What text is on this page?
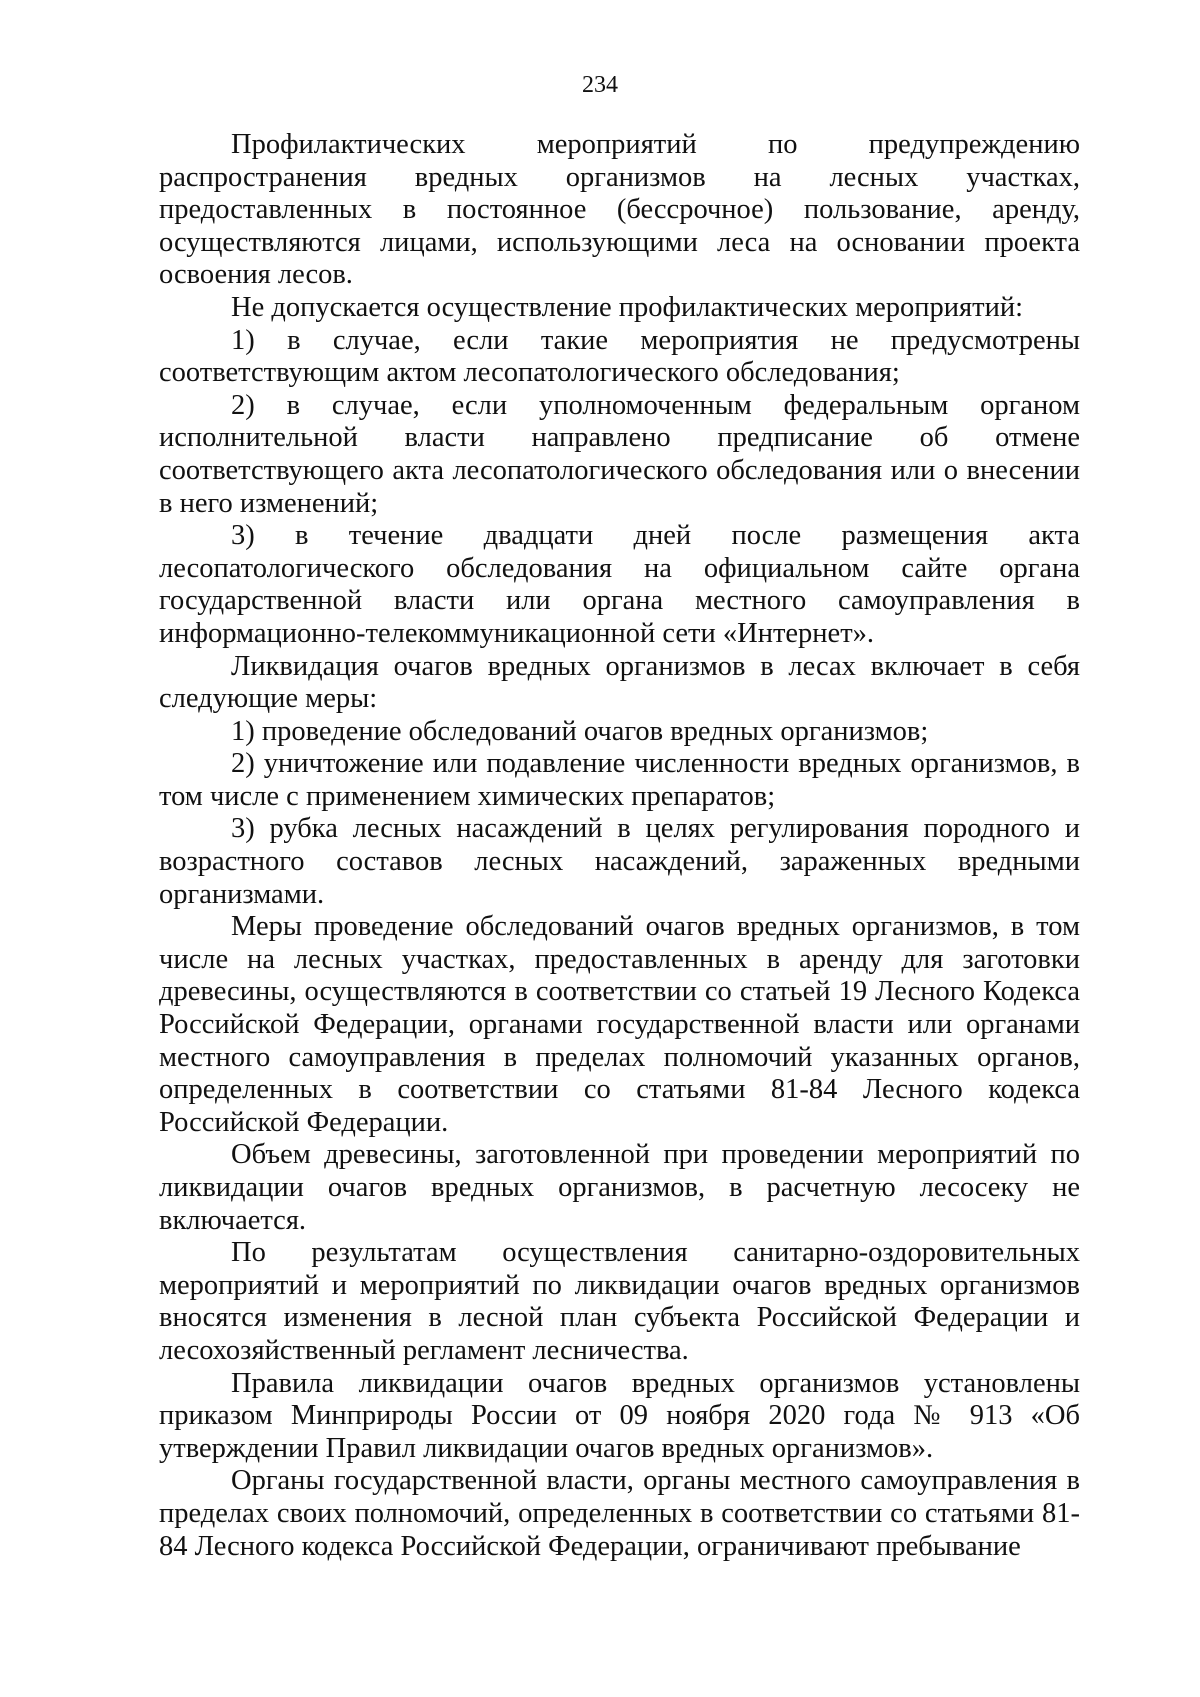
234

Профилактических мероприятий по предупреждению распространения вредных организмов на лесных участках, предоставленных в постоянное (бессрочное) пользование, аренду, осуществляются лицами, использующими леса на основании проекта освоения лесов.

Не допускается осуществление профилактических мероприятий:

1) в случае, если такие мероприятия не предусмотрены соответствующим актом лесопатологического обследования;

2) в случае, если уполномоченным федеральным органом исполнительной власти направлено предписание об отмене соответствующего акта лесопатологического обследования или о внесении в него изменений;

3) в течение двадцати дней после размещения акта лесопатологического обследования на официальном сайте органа государственной власти или органа местного самоуправления в информационно-телекоммуникационной сети «Интернет».

Ликвидация очагов вредных организмов в лесах включает в себя следующие меры:

1) проведение обследований очагов вредных организмов;

2) уничтожение или подавление численности вредных организмов, в том числе с применением химических препаратов;

3) рубка лесных насаждений в целях регулирования породного и возрастного составов лесных насаждений, зараженных вредными организмами.

Меры проведение обследований очагов вредных организмов, в том числе на лесных участках, предоставленных в аренду для заготовки древесины, осуществляются в соответствии со статьей 19 Лесного Кодекса Российской Федерации, органами государственной власти или органами местного самоуправления в пределах полномочий указанных органов, определенных в соответствии со статьями 81-84 Лесного кодекса Российской Федерации.

Объем древесины, заготовленной при проведении мероприятий по ликвидации очагов вредных организмов, в расчетную лесосеку не включается.

По результатам осуществления санитарно-оздоровительных мероприятий и мероприятий по ликвидации очагов вредных организмов вносятся изменения в лесной план субъекта Российской Федерации и лесохозяйственный регламент лесничества.

Правила ликвидации очагов вредных организмов установлены приказом Минприроды России от 09 ноября 2020 года № 913 «Об утверждении Правил ликвидации очагов вредных организмов».

Органы государственной власти, органы местного самоуправления в пределах своих полномочий, определенных в соответствии со статьями 81-84 Лесного кодекса Российской Федерации, ограничивают пребывание
